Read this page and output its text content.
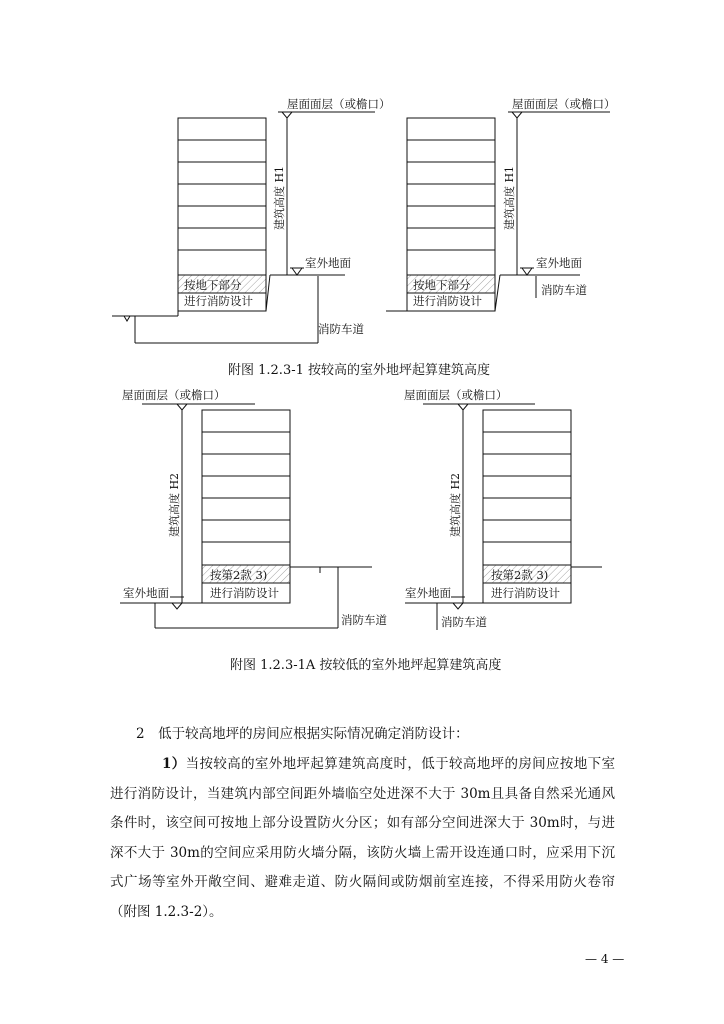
屋面面层（或檐口）
建筑高度 H1
室外地面
按地下部分
进行消防设计
消防车道
屋面面层（或檐口）
建筑高度 H1
室外地面
按地下部分
进行消防设计
消防车道
屋面面层（或檐口）
建筑高度 H2
室外地面
按第2款 3)
进行消防设计
消防车道
屋面面层（或檐口）
建筑高度 H2
室外地面
按第2款 3)
进行消防设计
消防车道
附图 1.2.3-1 按较高的室外地坪起算建筑高度
附图 1.2.3-1A 按较低的室外地坪起算建筑高度
2　低于较高地坪的房间应根据实际情况确定消防设计：
1）当按较高的室外地坪起算建筑高度时，低于较高地坪的房间应按地下室进行消防设计，当建筑内部空间距外墙临空处进深不大于 30m且具备自然采光通风条件时，该空间可按地上部分设置防火分区；如有部分空间进深大于 30m时，与进深不大于 30m的空间应采用防火墙分隔，该防火墙上需开设连通口时，应采用下沉式广场等室外开敞空间、避难走道、防火隔间或防烟前室连接，不得采用防火卷帘（附图 1.2.3-2）。
— 4 —
